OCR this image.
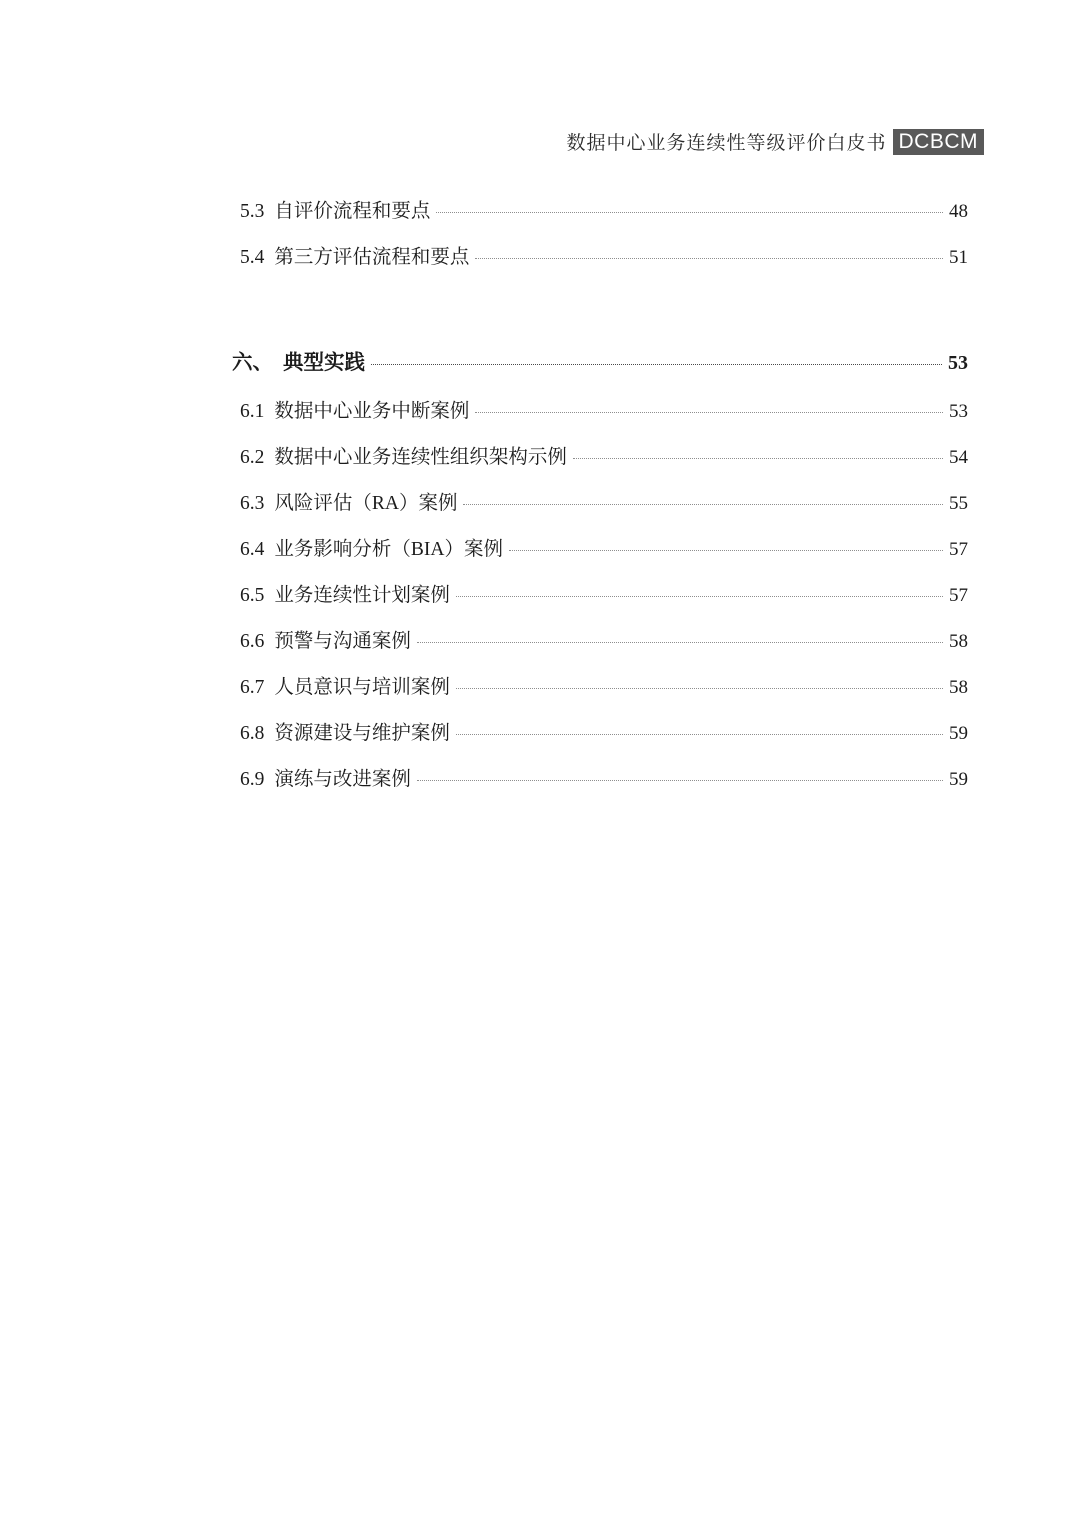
数据中心业务连续性等级评价白皮书 DCBCM
5.3 自评价流程和要点	48
5.4 第三方评估流程和要点	51
六、 典型实践	53
6.1 数据中心业务中断案例	53
6.2 数据中心业务连续性组织架构示例	54
6.3 风险评估（RA）案例	55
6.4 业务影响分析（BIA）案例	57
6.5 业务连续性计划案例	57
6.6 预警与沟通案例	58
6.7 人员意识与培训案例	58
6.8 资源建设与维护案例	59
6.9 演练与改进案例	59
